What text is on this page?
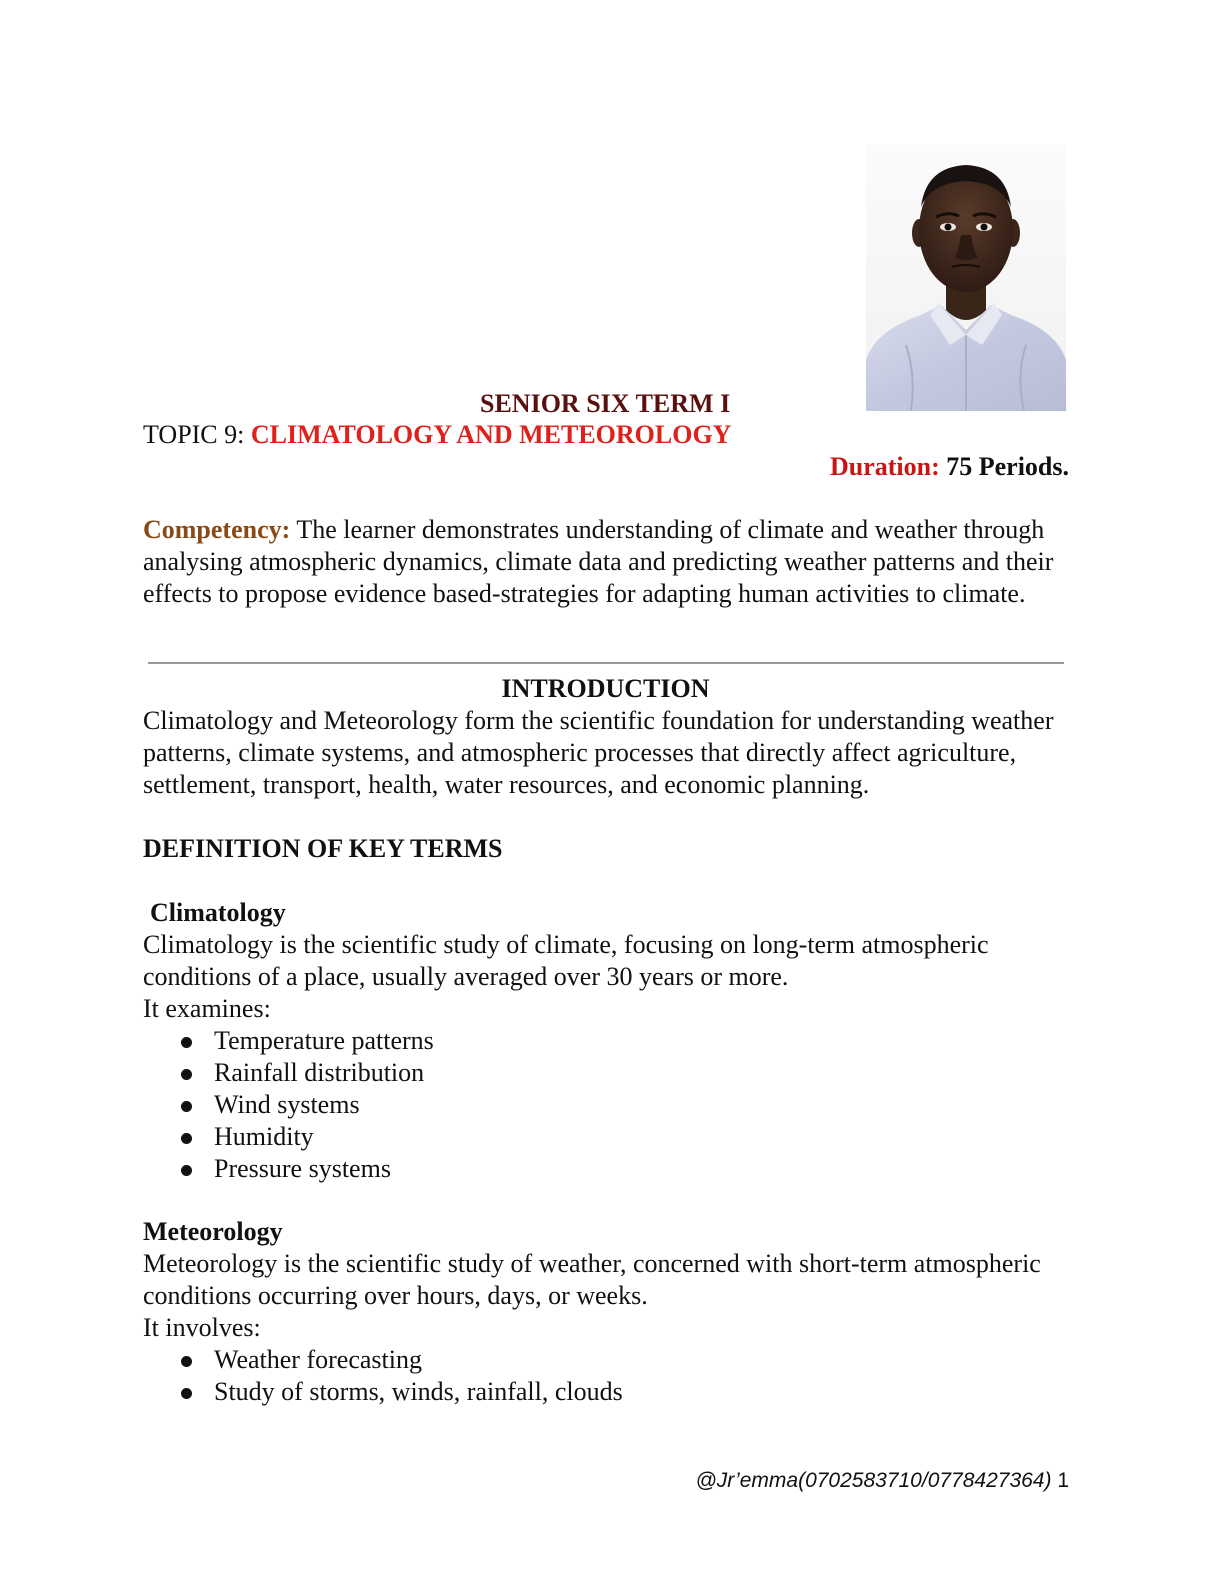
SENIOR SIX TERM I
TOPIC 9: CLIMATOLOGY AND METEOROLOGY
Duration: 75 Periods.
Competency: The learner demonstrates understanding of climate and weather through analysing atmospheric dynamics, climate data and predicting weather patterns and their effects to propose evidence based-strategies for adapting human activities to climate.
INTRODUCTION
Climatology and Meteorology form the scientific foundation for understanding weather patterns, climate systems, and atmospheric processes that directly affect agriculture, settlement, transport, health, water resources, and economic planning.
DEFINITION OF KEY TERMS
Climatology
Climatology is the scientific study of climate, focusing on long-term atmospheric conditions of a place, usually averaged over 30 years or more.
It examines:
Temperature patterns
Rainfall distribution
Wind systems
Humidity
Pressure systems
Meteorology
Meteorology is the scientific study of weather, concerned with short-term atmospheric conditions occurring over hours, days, or weeks.
It involves:
Weather forecasting
Study of storms, winds, rainfall, clouds
@Jr’emma(0702583710/0778427364) 1
